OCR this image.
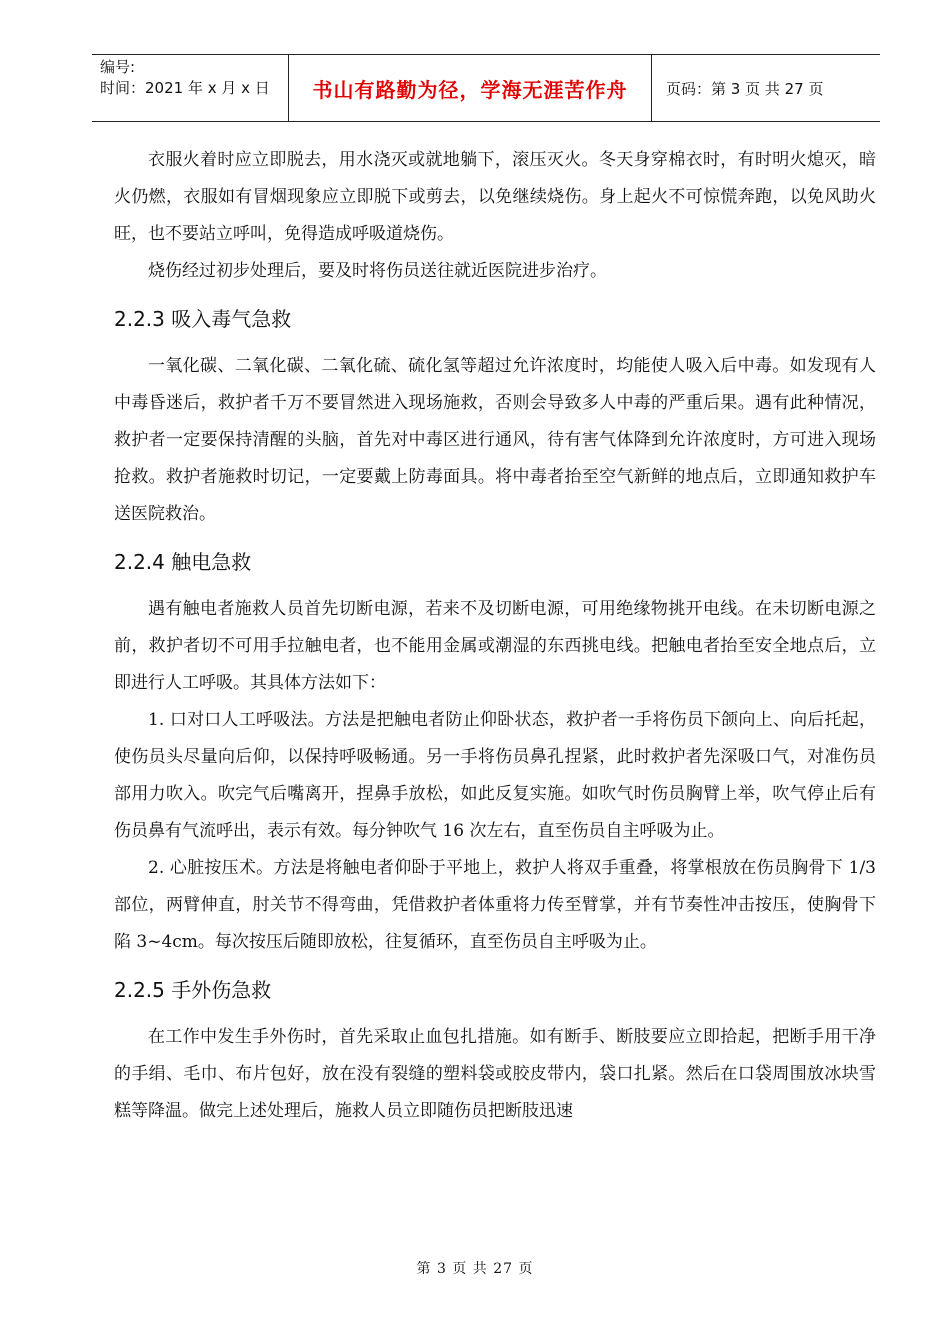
编号:
时间：2021 年 x 月 x 日	书山有路勤为径，学海无涯苦作舟	页码：第 3 页 共 27 页

衣服火着时应立即脱去，用水浇灭或就地躺下，滚压灭火。冬天身穿棉衣时，有时明火熄灭，暗火仍燃，衣服如有冒烟现象应立即脱下或剪去，以免继续烧伤。身上起火不可惊慌奔跑，以免风助火旺，也不要站立呼叫，免得造成呼吸道烧伤。

烧伤经过初步处理后，要及时将伤员送往就近医院进步治疗。

2.2.3 吸入毒气急救

一氧化碳、二氧化碳、二氧化硫、硫化氢等超过允许浓度时，均能使人吸入后中毒。如发现有人中毒昏迷后，救护者千万不要冒然进入现场施救，否则会导致多人中毒的严重后果。遇有此种情况，救护者一定要保持清醒的头脑，首先对中毒区进行通风，待有害气体降到允许浓度时，方可进入现场抢救。救护者施救时切记，一定要戴上防毒面具。将中毒者抬至空气新鲜的地点后，立即通知救护车送医院救治。

2.2.4 触电急救

遇有触电者施救人员首先切断电源，若来不及切断电源，可用绝缘物挑开电线。在未切断电源之前，救护者切不可用手拉触电者，也不能用金属或潮湿的东西挑电线。把触电者抬至安全地点后，立即进行人工呼吸。其具体方法如下：

1. 口对口人工呼吸法。方法是把触电者防止仰卧状态，救护者一手将伤员下颌向上、向后托起，使伤员头尽量向后仰，以保持呼吸畅通。另一手将伤员鼻孔捏紧，此时救护者先深吸口气，对准伤员部用力吹入。吹完气后嘴离开，捏鼻手放松，如此反复实施。如吹气时伤员胸臂上举，吹气停止后有伤员鼻有气流呼出，表示有效。每分钟吹气 16 次左右，直至伤员自主呼吸为止。

2. 心脏按压术。方法是将触电者仰卧于平地上，救护人将双手重叠，将掌根放在伤员胸骨下 1/3 部位，两臂伸直，肘关节不得弯曲，凭借救护者体重将力传至臂掌，并有节奏性冲击按压，使胸骨下陷 3~4cm。每次按压后随即放松，往复循环，直至伤员自主呼吸为止。

2.2.5 手外伤急救

在工作中发生手外伤时，首先采取止血包扎措施。如有断手、断肢要应立即拾起，把断手用干净的手绢、毛巾、布片包好，放在没有裂缝的塑料袋或胶皮带内，袋口扎紧。然后在口袋周围放冰块雪糕等降温。做完上述处理后，施救人员立即随伤员把断肢迅速

第 3 页 共 27 页
